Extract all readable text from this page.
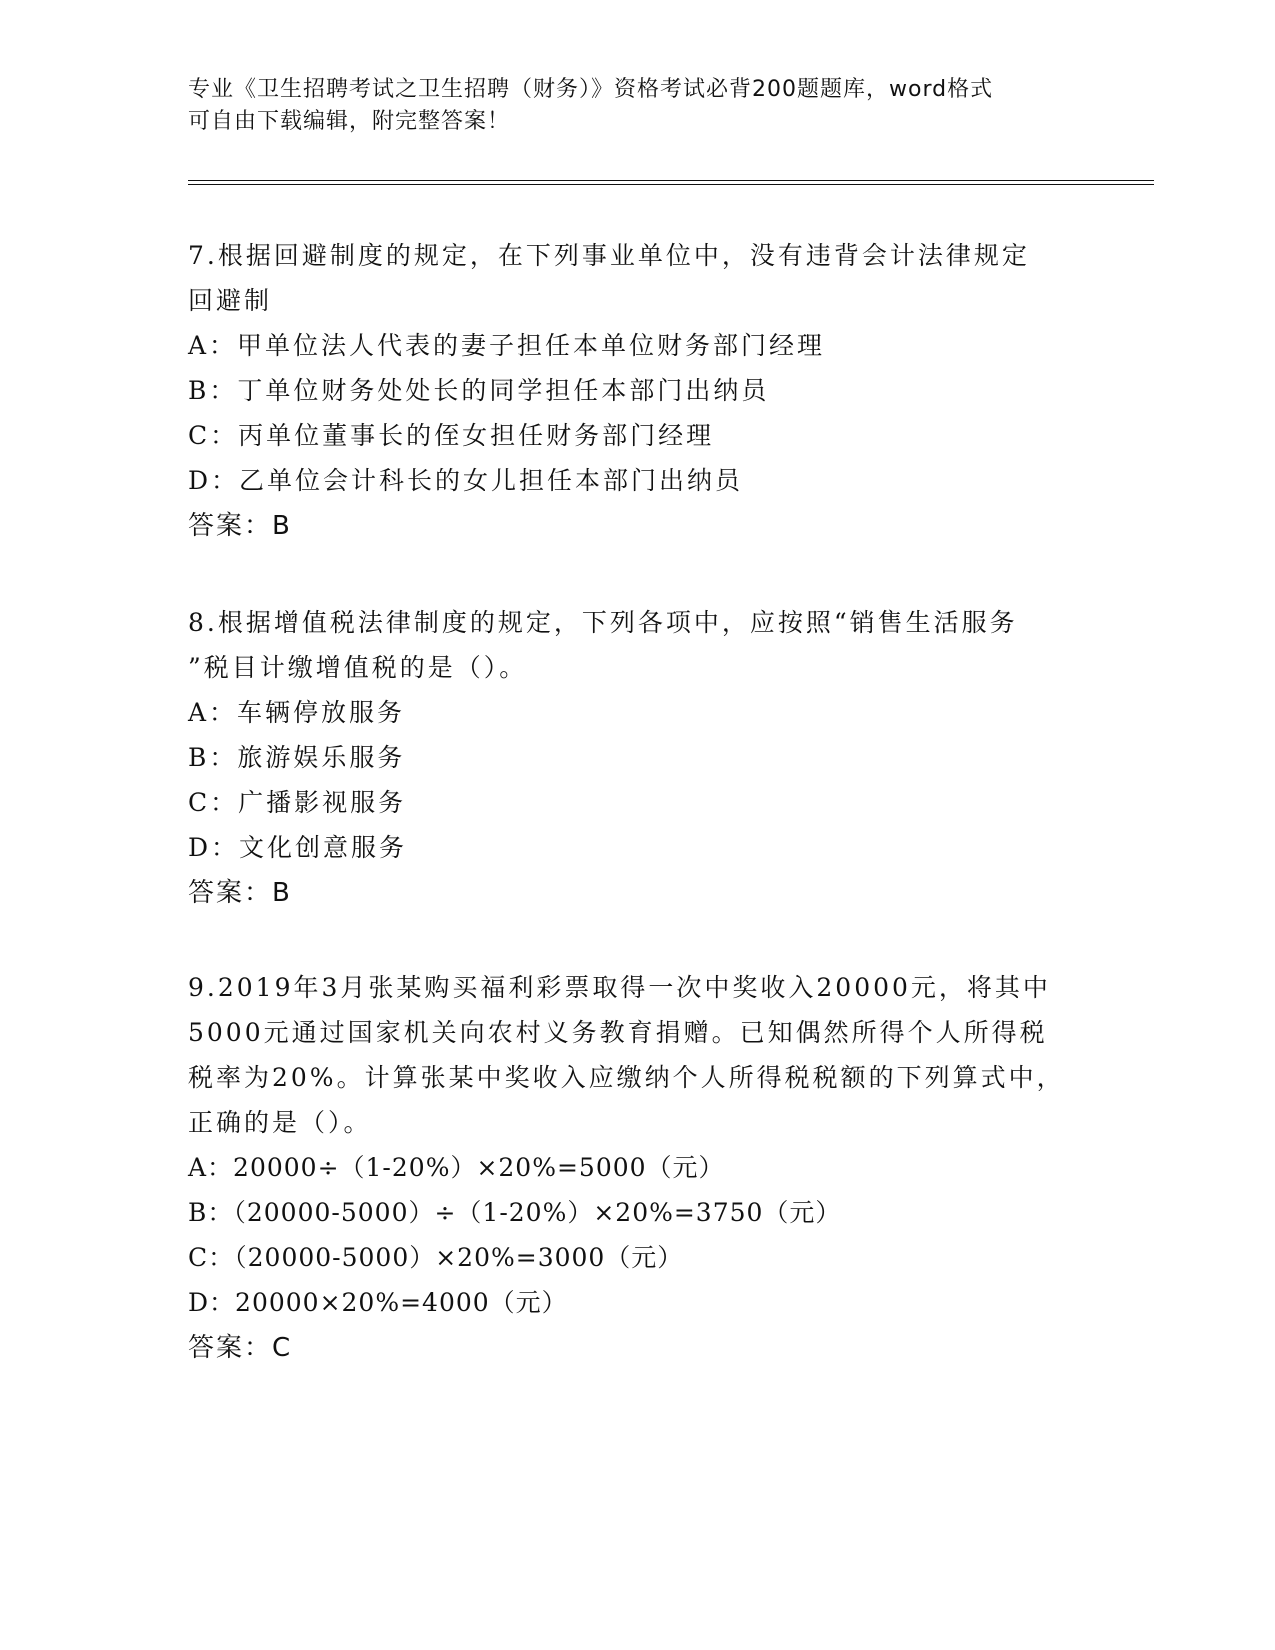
专业《卫生招聘考试之卫生招聘（财务）》资格考试必背200题题库，word格式
可自由下载编辑，附完整答案！

7.根据回避制度的规定，在下列事业单位中，没有违背会计法律规定

回避制

A：甲单位法人代表的妻子担任本单位财务部门经理

B：丁单位财务处处长的同学担任本部门出纳员

C：丙单位董事长的侄女担任财务部门经理

D：乙单位会计科长的女儿担任本部门出纳员

答案：B

8.根据增值税法律制度的规定，下列各项中，应按照“销售生活服务

”税目计缴增值税的是（）。

A：车辆停放服务

B：旅游娱乐服务

C：广播影视服务

D：文化创意服务

答案：B

9.2019年3月张某购买福利彩票取得一次中奖收入20000元，将其中

5000元通过国家机关向农村义务教育捐赠。已知偶然所得个人所得税

税率为20%。计算张某中奖收入应缴纳个人所得税税额的下列算式中，

正确的是（）。

A：20000÷（1-20%）×20%=5000（元）

B：（20000-5000）÷（1-20%）×20%=3750（元）

C：（20000-5000）×20%=3000（元）

D：20000×20%=4000（元）

答案：C
